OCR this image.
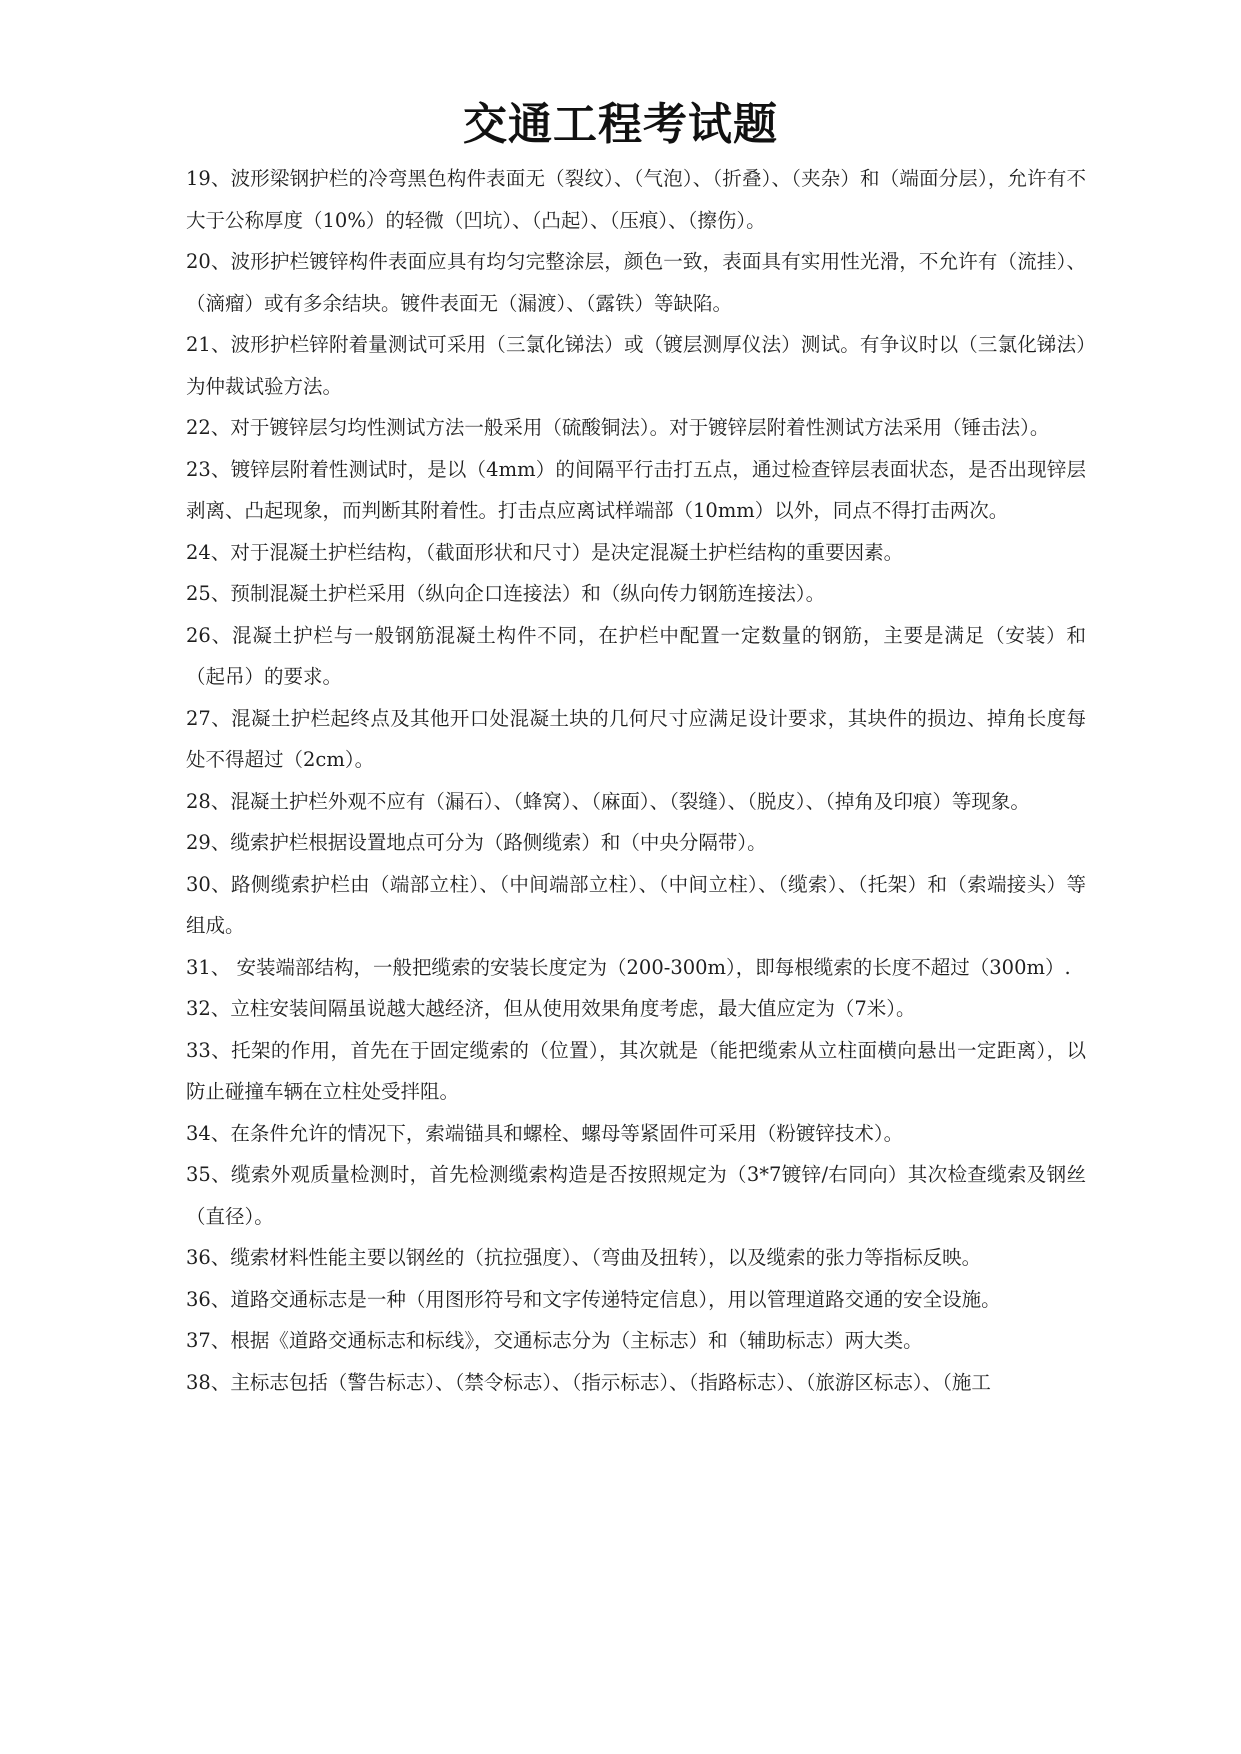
交通工程考试题

19、波形梁钢护栏的冷弯黑色构件表面无（裂纹）、（气泡）、（折叠）、（夹杂）和（端面分层），允许有不大于公称厚度（10%）的轻微（凹坑）、（凸起）、（压痕）、（擦伤）。

20、波形护栏镀锌构件表面应具有均匀完整涂层，颜色一致，表面具有实用性光滑，不允许有（流挂）、（滴瘤）或有多余结块。镀件表面无（漏渡）、（露铁）等缺陷。

21、波形护栏锌附着量测试可采用（三氯化锑法）或（镀层测厚仪法）测试。有争议时以（三氯化锑法）为仲裁试验方法。

22、对于镀锌层匀均性测试方法一般采用（硫酸铜法）。对于镀锌层附着性测试方法采用（锤击法）。

23、镀锌层附着性测试时，是以（4mm）的间隔平行击打五点，通过检查锌层表面状态，是否出现锌层剥离、凸起现象，而判断其附着性。打击点应离试样端部（10mm）以外，同点不得打击两次。

24、对于混凝土护栏结构，（截面形状和尺寸）是决定混凝土护栏结构的重要因素。

25、预制混凝土护栏采用（纵向企口连接法）和（纵向传力钢筋连接法）。

26、混凝土护栏与一般钢筋混凝土构件不同，在护栏中配置一定数量的钢筋，主要是满足（安装）和（起吊）的要求。

27、混凝土护栏起终点及其他开口处混凝土块的几何尺寸应满足设计要求，其块件的损边、掉角长度每处不得超过（2cm）。

28、混凝土护栏外观不应有（漏石）、（蜂窝）、（麻面）、（裂缝）、（脱皮）、（掉角及印痕）等现象。

29、缆索护栏根据设置地点可分为（路侧缆索）和（中央分隔带）。

30、路侧缆索护栏由（端部立柱）、（中间端部立柱）、（中间立柱）、（缆索）、（托架）和（索端接头）等组成。

31、 安装端部结构，一般把缆索的安装长度定为（200-300m），即每根缆索的长度不超过（300m）.

32、立柱安装间隔虽说越大越经济，但从使用效果角度考虑，最大值应定为（7米）。

33、托架的作用，首先在于固定缆索的（位置），其次就是（能把缆索从立柱面横向悬出一定距离），以防止碰撞车辆在立柱处受拌阻。

34、在条件允许的情况下，索端锚具和螺栓、螺母等紧固件可采用（粉镀锌技术）。

35、缆索外观质量检测时，首先检测缆索构造是否按照规定为（3*7镀锌/右同向）其次检查缆索及钢丝（直径）。

36、缆索材料性能主要以钢丝的（抗拉强度）、（弯曲及扭转），以及缆索的张力等指标反映。

36、道路交通标志是一种（用图形符号和文字传递特定信息），用以管理道路交通的安全设施。

37、根据《道路交通标志和标线》，交通标志分为（主标志）和（辅助标志）两大类。

38、主标志包括（警告标志）、（禁令标志）、（指示标志）、（指路标志）、（旅游区标志）、（施工
